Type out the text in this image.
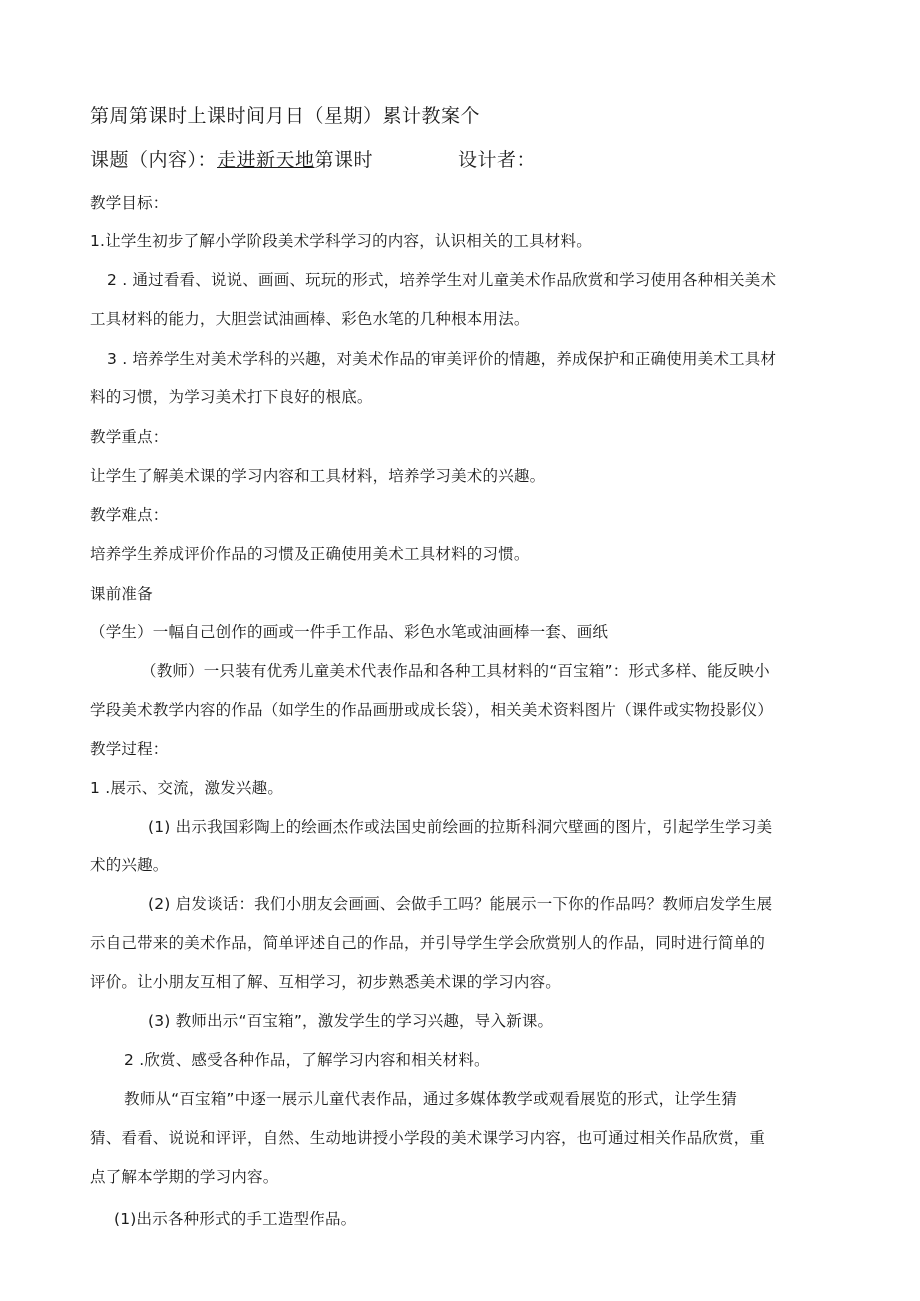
第周第课时上课时间月日（星期）累计教案个
课题（内容）：走进新天地第课时	设计者：
教学目标：
1.让学生初步了解小学阶段美术学科学习的内容，认识相关的工具材料。
2 . 通过看看、说说、画画、玩玩的形式，培养学生对儿童美术作品欣赏和学习使用各种相关美术
工具材料的能力，大胆尝试油画棒、彩色水笔的几种根本用法。
3 . 培养学生对美术学科的兴趣，对美术作品的审美评价的情趣，养成保护和正确使用美术工具材
料的习惯，为学习美术打下良好的根底。
教学重点：
让学生了解美术课的学习内容和工具材料，培养学习美术的兴趣。
教学难点：
培养学生养成评价作品的习惯及正确使用美术工具材料的习惯。
课前准备
（学生）一幅自己创作的画或一件手工作品、彩色水笔或油画棒一套、画纸
（教师）一只装有优秀儿童美术代表作品和各种工具材料的“百宝箱”：形式多样、能反映小
学段美术教学内容的作品（如学生的作品画册或成长袋），相关美术资料图片（课件或实物投影仪）
教学过程：
1 .展示、交流，激发兴趣。
(1) 出示我国彩陶上的绘画杰作或法国史前绘画的拉斯科洞穴壁画的图片，引起学生学习美
术的兴趣。
(2) 启发谈话：我们小朋友会画画、会做手工吗？能展示一下你的作品吗？教师启发学生展
示自己带来的美术作品，简单评述自己的作品，并引导学生学会欣赏别人的作品，同时进行简单的
评价。让小朋友互相了解、互相学习，初步熟悉美术课的学习内容。
(3) 教师出示“百宝箱”，激发学生的学习兴趣，导入新课。
2 .欣赏、感受各种作品，了解学习内容和相关材料。
教师从“百宝箱”中逐一展示儿童代表作品，通过多媒体教学或观看展览的形式，让学生猜
猜、看看、说说和评评，自然、生动地讲授小学段的美术课学习内容，也可通过相关作品欣赏，重
点了解本学期的学习内容。
(1)出示各种形式的手工造型作品。
